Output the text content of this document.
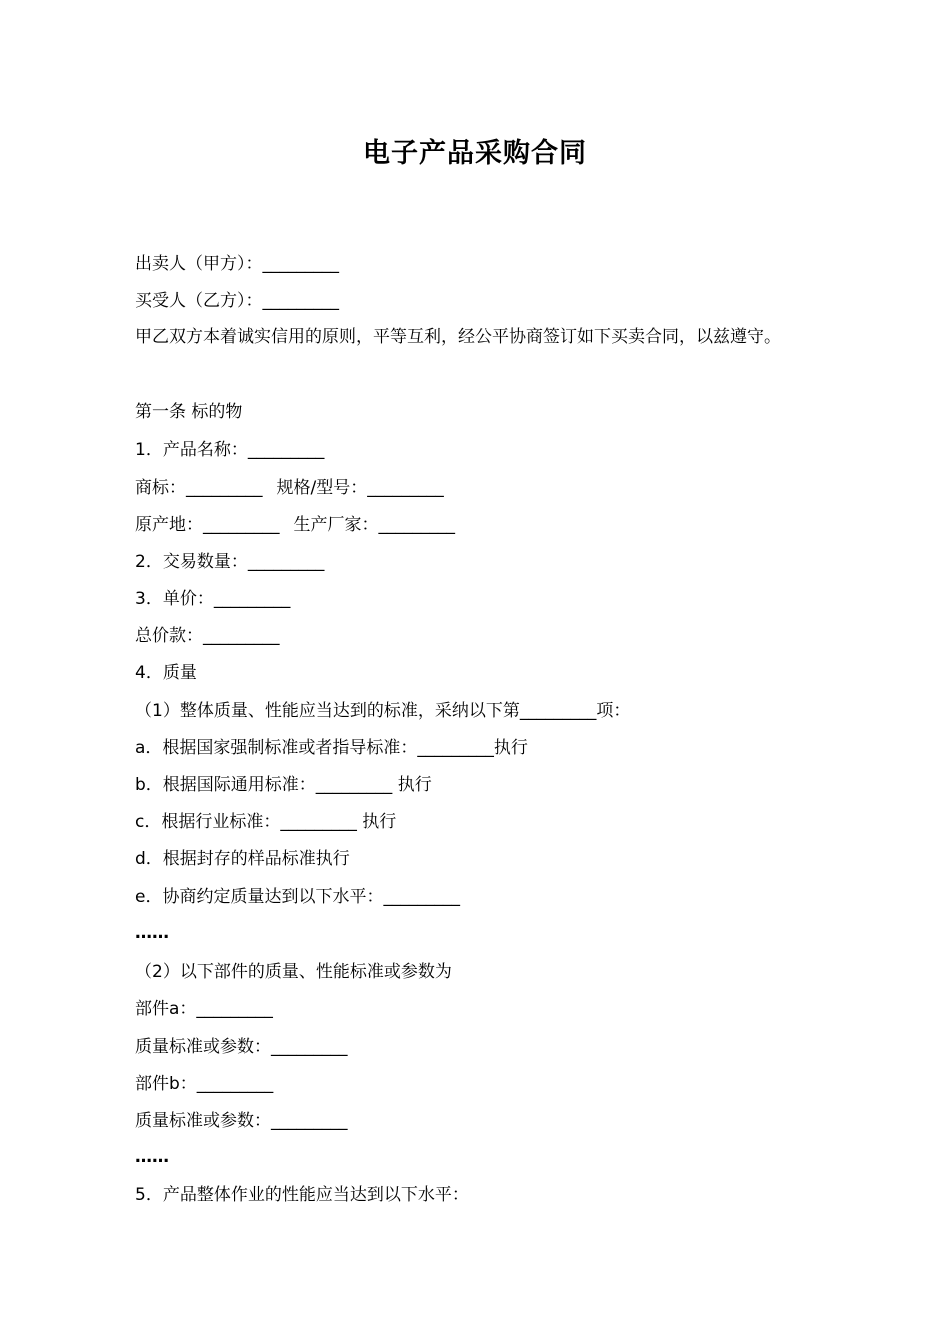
电子产品采购合同
出卖人（甲方）：_________
买受人（乙方）：_________
甲乙双方本着诚实信用的原则，平等互利，经公平协商签订如下买卖合同，以兹遵守。
第一条 标的物
1．产品名称：_________
商标：_________ 规格/型号：_________
原产地：_________ 生产厂家：_________
2．交易数量：_________
3．单价：_________
总价款：_________
4．质量
（1）整体质量、性能应当达到的标准，采纳以下第_________项：
a．根据国家强制标准或者指导标准：_________执行
b．根据国际通用标准：_________ 执行
c．根据行业标准：_________ 执行
d．根据封存的样品标准执行
e．协商约定质量达到以下水平：_________
……
（2）以下部件的质量、性能标准或参数为
部件a：_________
质量标准或参数：_________
部件b：_________
质量标准或参数：_________
……
5．产品整体作业的性能应当达到以下水平：
